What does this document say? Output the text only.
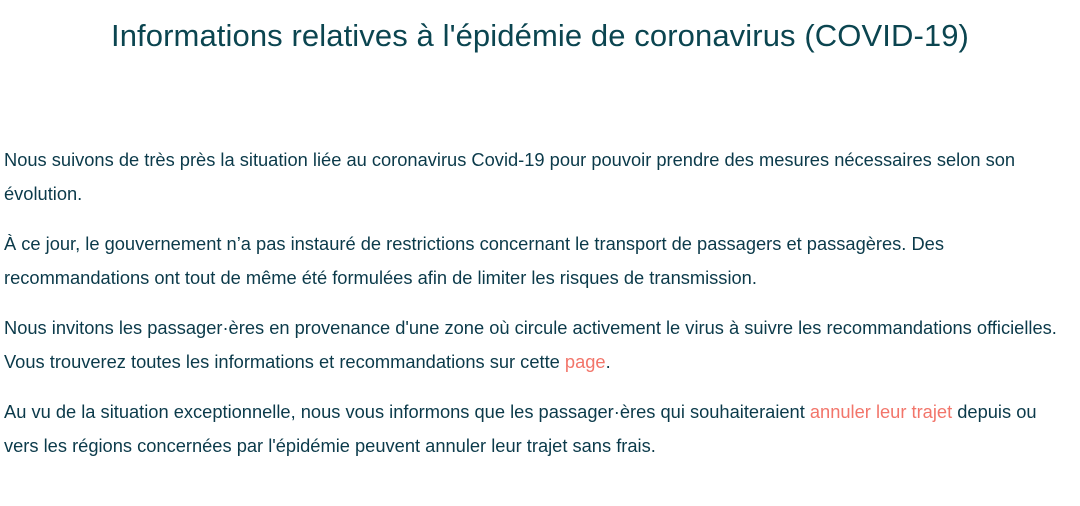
Informations relatives à l'épidémie de coronavirus (COVID-19)

Nous suivons de très près la situation liée au coronavirus Covid-19 pour pouvoir prendre des mesures nécessaires selon son évolution.

À ce jour, le gouvernement n’a pas instauré de restrictions concernant le transport de passagers et passagères. Des recommandations ont tout de même été formulées afin de limiter les risques de transmission.

Nous invitons les passager·ères en provenance d'une zone où circule activement le virus à suivre les recommandations officielles. Vous trouverez toutes les informations et recommandations sur cette page.

Au vu de la situation exceptionnelle, nous vous informons que les passager·ères qui souhaiteraient annuler leur trajet depuis ou vers les régions concernées par l'épidémie peuvent annuler leur trajet sans frais.
